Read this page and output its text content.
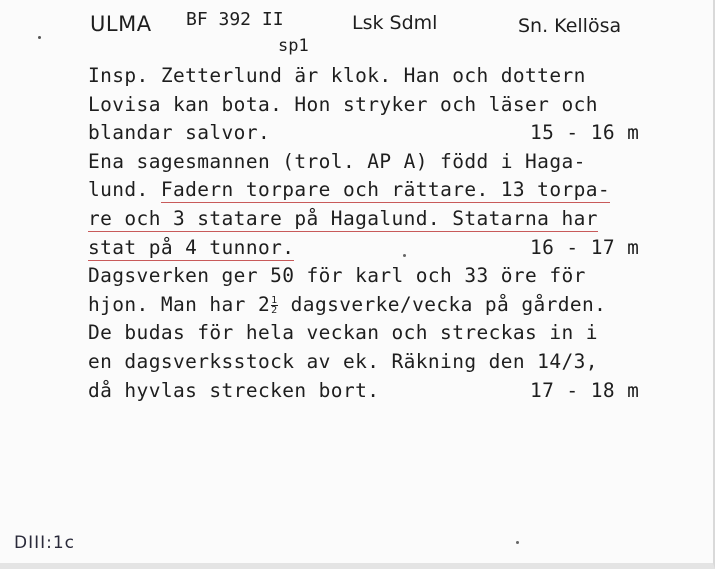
ULMA BF 392 II
sp1
Lsk Sdml	Sn. Kellösa
Insp. Zetterlund är klok. Han och dottern
Lovisa kan bota. Hon stryker och läser och
blandar salvor.	15 - 16 m
Ena sagesmannen (trol. AP A) född i Haga-
lund. Fadern torpare och rättare. 13 torpa-
re och 3 statare på Hagalund. Statarna har
stat på 4 tunnor.	16 - 17 m
Dagsverken ger 50 för karl och 33 öre för
hjon. Man har $2 \frac{1}{2}$ dagsverke/vecka på gården.
De budas för hela veckan och streckas in i
en dagsverksstock av ek. Räkning den 14/3,
då hyvlas strecken bort.	17 - 18 m
DIII:1c
